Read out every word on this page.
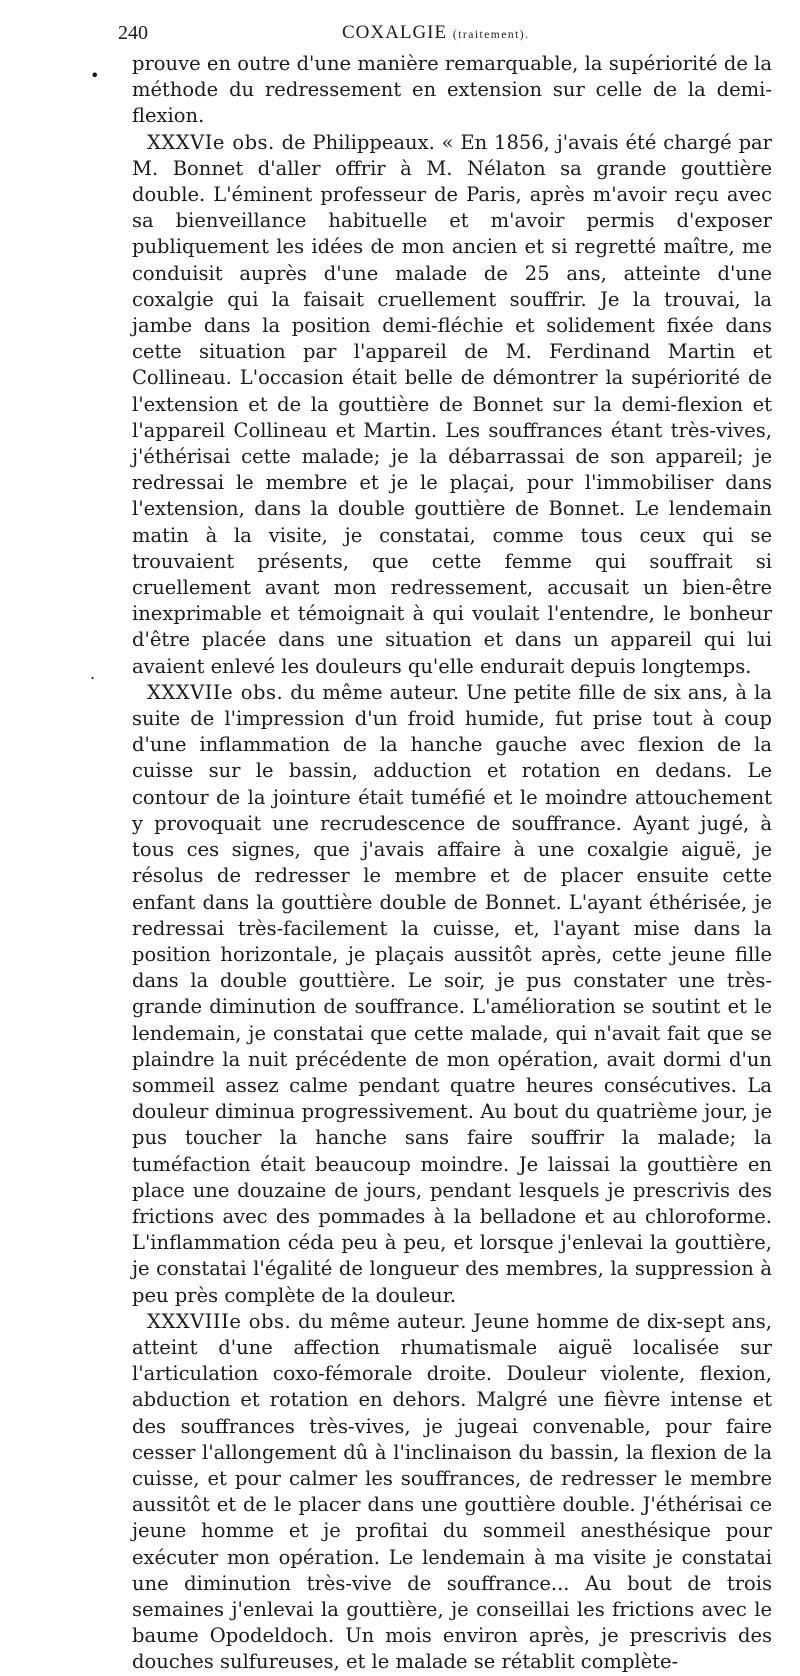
240	COXALGIE (traitement).
•
.

prouve en outre d'une manière remarquable, la supériorité de la méthode du redressement en extension sur celle de la demi-flexion.

XXXVIe obs. de Philippeaux. « En 1856, j'avais été chargé par M. Bonnet d'aller offrir à M. Nélaton sa grande gouttière double. L'éminent professeur de Paris, après m'avoir reçu avec sa bienveillance habituelle et m'avoir permis d'exposer publiquement les idées de mon ancien et si regretté maître, me conduisit auprès d'une malade de 25 ans, atteinte d'une coxalgie qui la faisait cruellement souffrir. Je la trouvai, la jambe dans la position demi-fléchie et solidement fixée dans cette situation par l'appareil de M. Ferdinand Martin et Collineau. L'occasion était belle de démontrer la supériorité de l'extension et de la gouttière de Bonnet sur la demi-flexion et l'appareil Collineau et Martin. Les souffrances étant très-vives, j'éthérisai cette malade; je la débarrassai de son appareil; je redressai le membre et je le plaçai, pour l'immobiliser dans l'extension, dans la double gouttière de Bonnet. Le lendemain matin à la visite, je constatai, comme tous ceux qui se trouvaient présents, que cette femme qui souffrait si cruellement avant mon redressement, accusait un bien-être inexprimable et témoignait à qui voulait l'entendre, le bonheur d'être placée dans une situation et dans un appareil qui lui avaient enlevé les douleurs qu'elle endurait depuis longtemps.

XXXVIIe obs. du même auteur. Une petite fille de six ans, à la suite de l'impression d'un froid humide, fut prise tout à coup d'une inflammation de la hanche gauche avec flexion de la cuisse sur le bassin, adduction et rotation en dedans. Le contour de la jointure était tuméfié et le moindre attouchement y provoquait une recrudescence de souffrance. Ayant jugé, à tous ces signes, que j'avais affaire à une coxalgie aiguë, je résolus de redresser le membre et de placer ensuite cette enfant dans la gouttière double de Bonnet. L'ayant éthérisée, je redressai très-facilement la cuisse, et, l'ayant mise dans la position horizontale, je plaçais aussitôt après, cette jeune fille dans la double gouttière. Le soir, je pus constater une très-grande diminution de souffrance. L'amélioration se soutint et le lendemain, je constatai que cette malade, qui n'avait fait que se plaindre la nuit précédente de mon opération, avait dormi d'un sommeil assez calme pendant quatre heures consécutives. La douleur diminua progressivement. Au bout du quatrième jour, je pus toucher la hanche sans faire souffrir la malade; la tuméfaction était beaucoup moindre. Je laissai la gouttière en place une douzaine de jours, pendant lesquels je prescrivis des frictions avec des pommades à la belladone et au chloroforme. L'inflammation céda peu à peu, et lorsque j'enlevai la gouttière, je constatai l'égalité de longueur des membres, la suppression à peu près complète de la douleur.

XXXVIIIe obs. du même auteur. Jeune homme de dix-sept ans, atteint d'une affection rhumatismale aiguë localisée sur l'articulation coxo-fémorale droite. Douleur violente, flexion, abduction et rotation en dehors. Malgré une fièvre intense et des souffrances très-vives, je jugeai convenable, pour faire cesser l'allongement dû à l'inclinaison du bassin, la flexion de la cuisse, et pour calmer les souffrances, de redresser le membre aussitôt et de le placer dans une gouttière double. J'éthérisai ce jeune homme et je profitai du sommeil anesthésique pour exécuter mon opération. Le lendemain à ma visite je constatai une diminution très-vive de souffrance... Au bout de trois semaines j'enlevai la gouttière, je conseillai les frictions avec le baume Opodeldoch. Un mois environ après, je prescrivis des douches sulfureuses, et le malade se rétablit complète-
